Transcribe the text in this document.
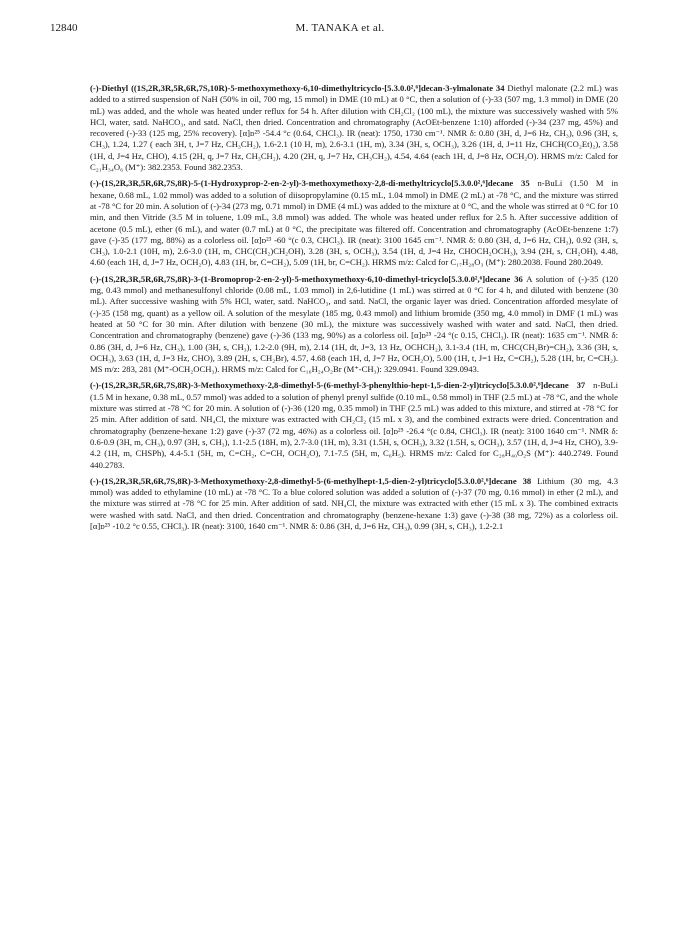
12840	M. TANAKA et al.

(-)-Diethyl ((1S,2R,3R,5R,6R,7S,10R)-5-methoxymethoxy-6,10-dimethyltricyclo-[5.3.0.0²,⁶]decan-3-ylmalonate 34 Diethyl malonate (2.2 mL) was added to a stirred suspension of NaH (50% in oil, 700 mg, 15 mmol) in DME (10 mL) at 0 °C, then a solution of (-)-33 (507 mg, 1.3 mmol) in DME (20 mL) was added, and the whole was heated under reflux for 54 h. After dilution with CH₂Cl₂ (100 mL), the mixture was successively washed with 5% HCl, water, satd. NaHCO₃, and satd. NaCl, then dried. Concentration and chromatography (AcOEt-benzene 1:10) afforded (-)-34 (237 mg, 45%) and recovered (-)-33 (125 mg, 25% recovery). [α]ᴅ²⁵ -54.4 °c (0.64, CHCl₃). IR (neat): 1750, 1730 cm⁻¹. NMR δ: 0.80 (3H, d, J=6 Hz, CH₃), 0.96 (3H, s, CH₃), 1.24, 1.27 ( each 3H, t, J=7 Hz, CH₃CH₂), 1.6-2.1 (10 H, m), 2.6-3.1 (1H, m), 3.34 (3H, s, OCH₃), 3.26 (1H, d, J=11 Hz, CHCH(CO₂Et)₂), 3.58 (1H, d, J=4 Hz, CHO), 4.15 (2H, q, J=7 Hz, CH₃CH₂), 4.20 (2H, q, J=7 Hz, CH₃CH₂), 4.54, 4.64 (each 1H, d, J=8 Hz, OCH₂O). HRMS m/z: Calcd for C₂₁H₃₄O₆ (M⁺): 382.2353. Found 382.2353.

(-)-(1S,2R,3R,5R,6R,7S,8R)-5-(1-Hydroxyprop-2-en-2-yl)-3-methoxymethoxy-2,8-di-methyltricyclo[5.3.0.0²,⁶]decane 35 n-BuLi (1.50 M in hexane, 0.68 mL, 1.02 mmol) was added to a solution of diisopropylamine (0.15 mL, 1.04 mmol) in DME (2 mL) at -78 °C, and the mixture was stirred at -78 °C for 20 min. A solution of (-)-34 (273 mg, 0.71 mmol) in DME (4 mL) was added to the mixture at 0 °C, and the whole was stirred at 0 °C for 10 min, and then Vitride (3.5 M in toluene, 1.09 mL, 3.8 mmol) was added. The whole was heated under reflux for 2.5 h. After successive addition of acetone (0.5 mL), ether (6 mL), and water (0.7 mL) at 0 °C, the precipitate was filtered off. Concentration and chromatography (AcOEt-benzene 1:7) gave (-)-35 (177 mg, 88%) as a colorless oil. [α]ᴅ²³ -60 °(c 0.3, CHCl₃). IR (neat): 3100 1645 cm⁻¹. NMR δ: 0.80 (3H, d, J=6 Hz, CH₃), 0.92 (3H, s, CH₃), 1.0-2.1 (10H, m), 2.6-3.0 (1H, m, CHC(CH₂)CH₂OH), 3.28 (3H, s, OCH₃), 3.54 (1H, d, J=4 Hz, CHOCH₂OCH₃), 3.94 (2H, s, CH₂OH), 4.48, 4.60 (each 1H, d, J=7 Hz, OCH₂O), 4.83 (1H, br, C=CH₂), 5.09 (1H, br, C=CH₂). HRMS m/z: Calcd for C₁₇H₂₈O₃ (M⁺): 280.2038. Found 280.2049.

(-)-(1S,2R,3R,5R,6R,7S,8R)-3-(1-Bromoprop-2-en-2-yl)-5-methoxymethoxy-6,10-dimethyl-tricyclo[5.3.0.0²,⁶]decane 36 A solution of (-)-35 (120 mg, 0.43 mmol) and methanesulfonyl chloride (0.08 mL, 1.03 mmol) in 2,6-lutidine (1 mL) was stirred at 0 °C for 4 h, and diluted with benzene (30 mL). After successive washing with 5% HCl, water, satd. NaHCO₃, and satd. NaCl, the organic layer was dried. Concentration afforded mesylate of (-)-35 (158 mg, quant) as a yellow oil. A solution of the mesylate (185 mg, 0.43 mmol) and lithium bromide (350 mg, 4.0 mmol) in DMF (1 mL) was heated at 50 °C for 30 min. After dilution with benzene (30 mL), the mixture was successively washed with water and satd. NaCl, then dried. Concentration and chromatography (benzene) gave (-)-36 (133 mg, 90%) as a colorless oil. [α]ᴅ²⁵ -24 °(c 0.15, CHCl₃). IR (neat): 1635 cm⁻¹. NMR δ: 0.86 (3H, d, J=6 Hz, CH₃), 1.00 (3H, s, CH₃), 1.2-2.0 (9H, m), 2.14 (1H, dt, J=3, 13 Hz, OCHCH₂), 3.1-3.4 (1H, m, CHC(CH₂Br)=CH₂), 3.36 (3H, s, OCH₃), 3.63 (1H, d, J=3 Hz, CHO), 3.89 (2H, s, CH₂Br), 4.57, 4.68 (each 1H, d, J=7 Hz, OCH₂O), 5.00 (1H, t, J=1 Hz, C=CH₂), 5.28 (1H, br, C=CH₂). MS m/z: 283, 281 (M⁺-OCH₂OCH₃). HRMS m/z: Calcd for C₁₆H₂₄O₂Br (M⁺-CH₃): 329.0941. Found 329.0943.

(-)-(1S,2R,3R,5R,6R,7S,8R)-3-Methoxymethoxy-2,8-dimethyl-5-(6-methyl-3-phenylthio-hept-1,5-dien-2-yl)tricyclo[5.3.0.0²,⁶]decane 37 n-BuLi (1.5 M in hexane, 0.38 mL, 0.57 mmol) was added to a solution of phenyl prenyl sulfide (0.10 mL, 0.58 mmol) in THF (2.5 mL) at -78 °C, and the whole mixture was stirred at -78 °C for 20 min. A solution of (-)-36 (120 mg, 0.35 mmol) in THF (2.5 mL) was added to this mixture, and stirred at -78 °C for 25 min. After addition of satd. NH₄Cl, the mixture was extracted with CH₂Cl₂ (15 mL x 3), and the combined extracts were dried. Concentration and chromatography (benzene-hexane 1:2) gave (-)-37 (72 mg, 46%) as a colorless oil. [α]ᴅ²⁵ -26.4 °(c 0.84, CHCl₃). IR (neat): 3100 1640 cm⁻¹. NMR δ: 0.6-0.9 (3H, m, CH₃), 0.97 (3H, s, CH₃), 1.1-2.5 (18H, m), 2.7-3.0 (1H, m), 3.31 (1.5H, s, OCH₃), 3.32 (1.5H, s, OCH₃), 3.57 (1H, d, J=4 Hz, CHO), 3.9-4.2 (1H, m, CHSPh), 4.4-5.1 (5H, m, C=CH₂, C=CH, OCH₂O), 7.1-7.5 (5H, m, C₆H₅). HRMS m/z: Calcd for C₂₈H₄₀O₂S (M⁺): 440.2749. Found 440.2783.

(-)-(1S,2R,3R,5R,6R,7S,8R)-3-Methoxymethoxy-2,8-dimethyl-5-(6-methylhept-1,5-dien-2-yl)tricyclo[5.3.0.0²,⁶]decane 38 Lithium (30 mg, 4.3 mmol) was added to ethylamine (10 mL) at -78 °C. To a blue colored solution was added a solution of (-)-37 (70 mg, 0.16 mmol) in ether (2 mL), and the mixture was stirred at -78 °C for 25 min. After addition of satd. NH₄Cl, the mixture was extracted with ether (15 mL x 3). The combined extracts were washed with satd. NaCl, and then dried. Concentration and chromatography (benzene-hexane 1:3) gave (-)-38 (38 mg, 72%) as a colorless oil. [α]ᴅ²⁵ -10.2 °c 0.55, CHCl₃). IR (neat): 3100, 1640 cm⁻¹. NMR δ: 0.86 (3H, d, J=6 Hz, CH₃), 0.99 (3H, s, CH₃), 1.2-2.1
